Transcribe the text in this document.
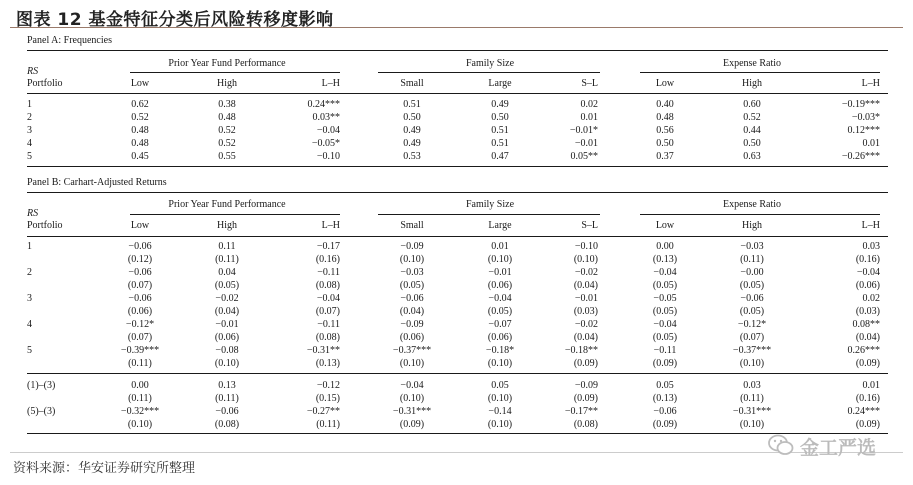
图表 12 基金特征分类后风险转移度影响
Panel A: Frequencies
Prior Year Fund Performance	Family Size	Expense Ratio
RS
Portfolio	Low	High	L–H	Small	Large	S–L	Low	High	L–H
1	0.62	0.38	0.24***	0.51	0.49	0.02	0.40	0.60	−0.19***
2	0.52	0.48	0.03**	0.50	0.50	0.01	0.48	0.52	−0.03*
3	0.48	0.52	−0.04	0.49	0.51	−0.01*	0.56	0.44	0.12***
4	0.48	0.52	−0.05*	0.49	0.51	−0.01	0.50	0.50	0.01
5	0.45	0.55	−0.10	0.53	0.47	0.05**	0.37	0.63	−0.26***
Panel B: Carhart-Adjusted Returns
Prior Year Fund Performance	Family Size	Expense Ratio
RS
Portfolio	Low	High	L–H	Small	Large	S–L	Low	High	L–H
1	−0.06	0.11	−0.17	−0.09	0.01	−0.10	0.00	−0.03	0.03
(0.12)	(0.11)	(0.16)	(0.10)	(0.10)	(0.10)	(0.13)	(0.11)	(0.16)
2	−0.06	0.04	−0.11	−0.03	−0.01	−0.02	−0.04	−0.00	−0.04
(0.07)	(0.05)	(0.08)	(0.05)	(0.06)	(0.04)	(0.05)	(0.05)	(0.06)
3	−0.06	−0.02	−0.04	−0.06	−0.04	−0.01	−0.05	−0.06	0.02
(0.06)	(0.04)	(0.07)	(0.04)	(0.05)	(0.03)	(0.05)	(0.05)	(0.03)
4	−0.12*	−0.01	−0.11	−0.09	−0.07	−0.02	−0.04	−0.12*	0.08**
(0.07)	(0.06)	(0.08)	(0.06)	(0.06)	(0.04)	(0.05)	(0.07)	(0.04)
5	−0.39***	−0.08	−0.31**	−0.37***	−0.18*	−0.18**	−0.11	−0.37***	0.26***
(0.11)	(0.10)	(0.13)	(0.10)	(0.10)	(0.09)	(0.09)	(0.10)	(0.09)
(1)–(3)	0.00	0.13	−0.12	−0.04	0.05	−0.09	0.05	0.03	0.01
(0.11)	(0.11)	(0.15)	(0.10)	(0.10)	(0.09)	(0.13)	(0.11)	(0.16)
(5)–(3)	−0.32***	−0.06	−0.27**	−0.31***	−0.14	−0.17**	−0.06	−0.31***	0.24***
(0.10)	(0.08)	(0.11)	(0.09)	(0.10)	(0.08)	(0.09)	(0.10)	(0.09)
资料来源：华安证券研究所整理
金工严选
